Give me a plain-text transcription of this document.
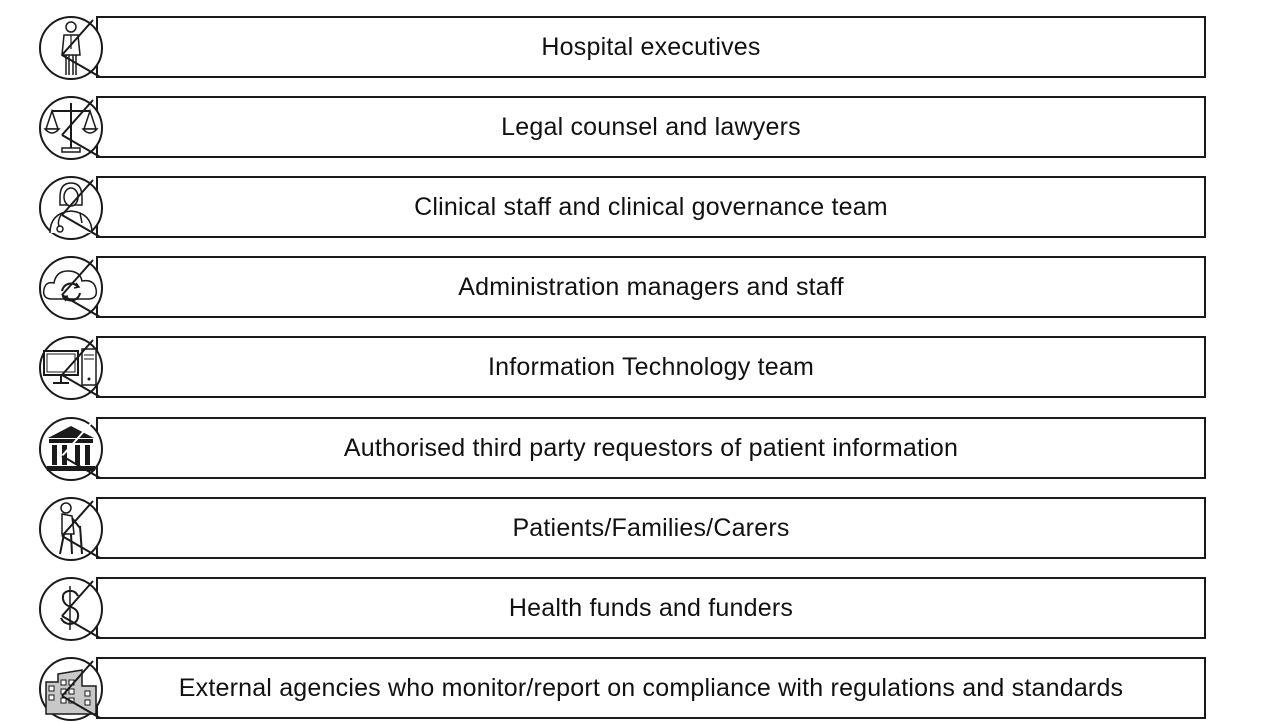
Hospital executives
Legal counsel and lawyers
Clinical staff and clinical governance team
Administration managers and staff
Information Technology team
Authorised third party requestors of patient information
Patients/Families/Carers
Health funds and funders
External agencies who monitor/report on compliance with regulations and standards
